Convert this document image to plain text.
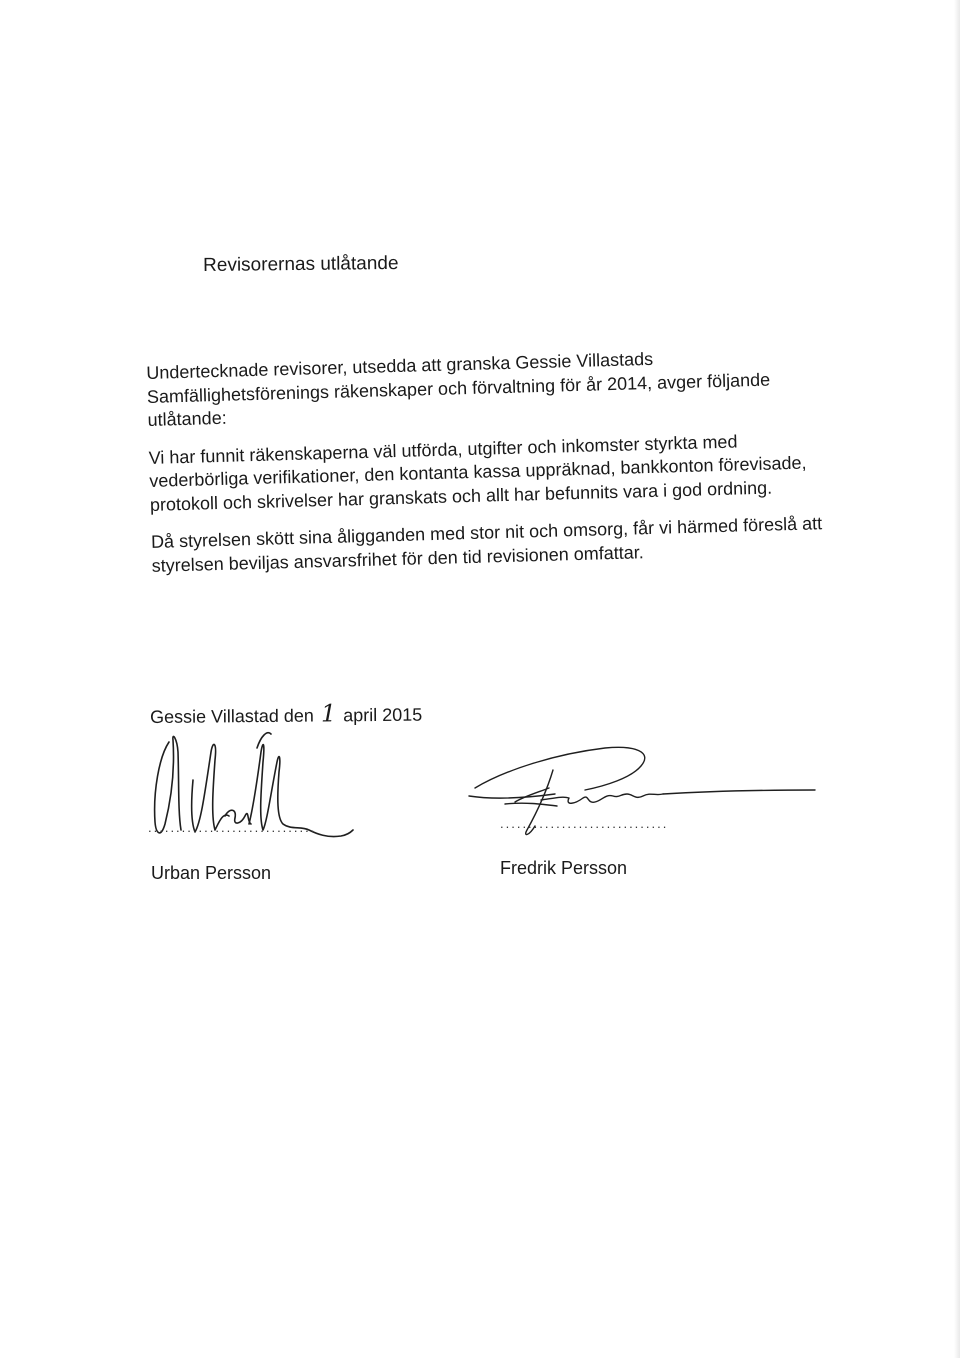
Revisorernas utlåtande

Undertecknade revisorer, utsedda att granska Gessie Villastads Samfällighetsförenings räkenskaper och förvaltning för år 2014, avger följande utlåtande:

Vi har funnit räkenskaperna väl utförda, utgifter och inkomster styrkta med vederbörliga verifikationer, den kontanta kassa uppräknad, bankkonton förevisade, protokoll och skrivelser har granskats och allt har befunnits vara i god ordning.

Då styrelsen skött sina åligganden med stor nit och omsorg, får vi härmed föreslå att styrelsen beviljas ansvarsfrihet för den tid revisionen omfattar.

Gessie Villastad den 1 april 2015
..............................	..............................
Urban Persson	Fredrik Persson
